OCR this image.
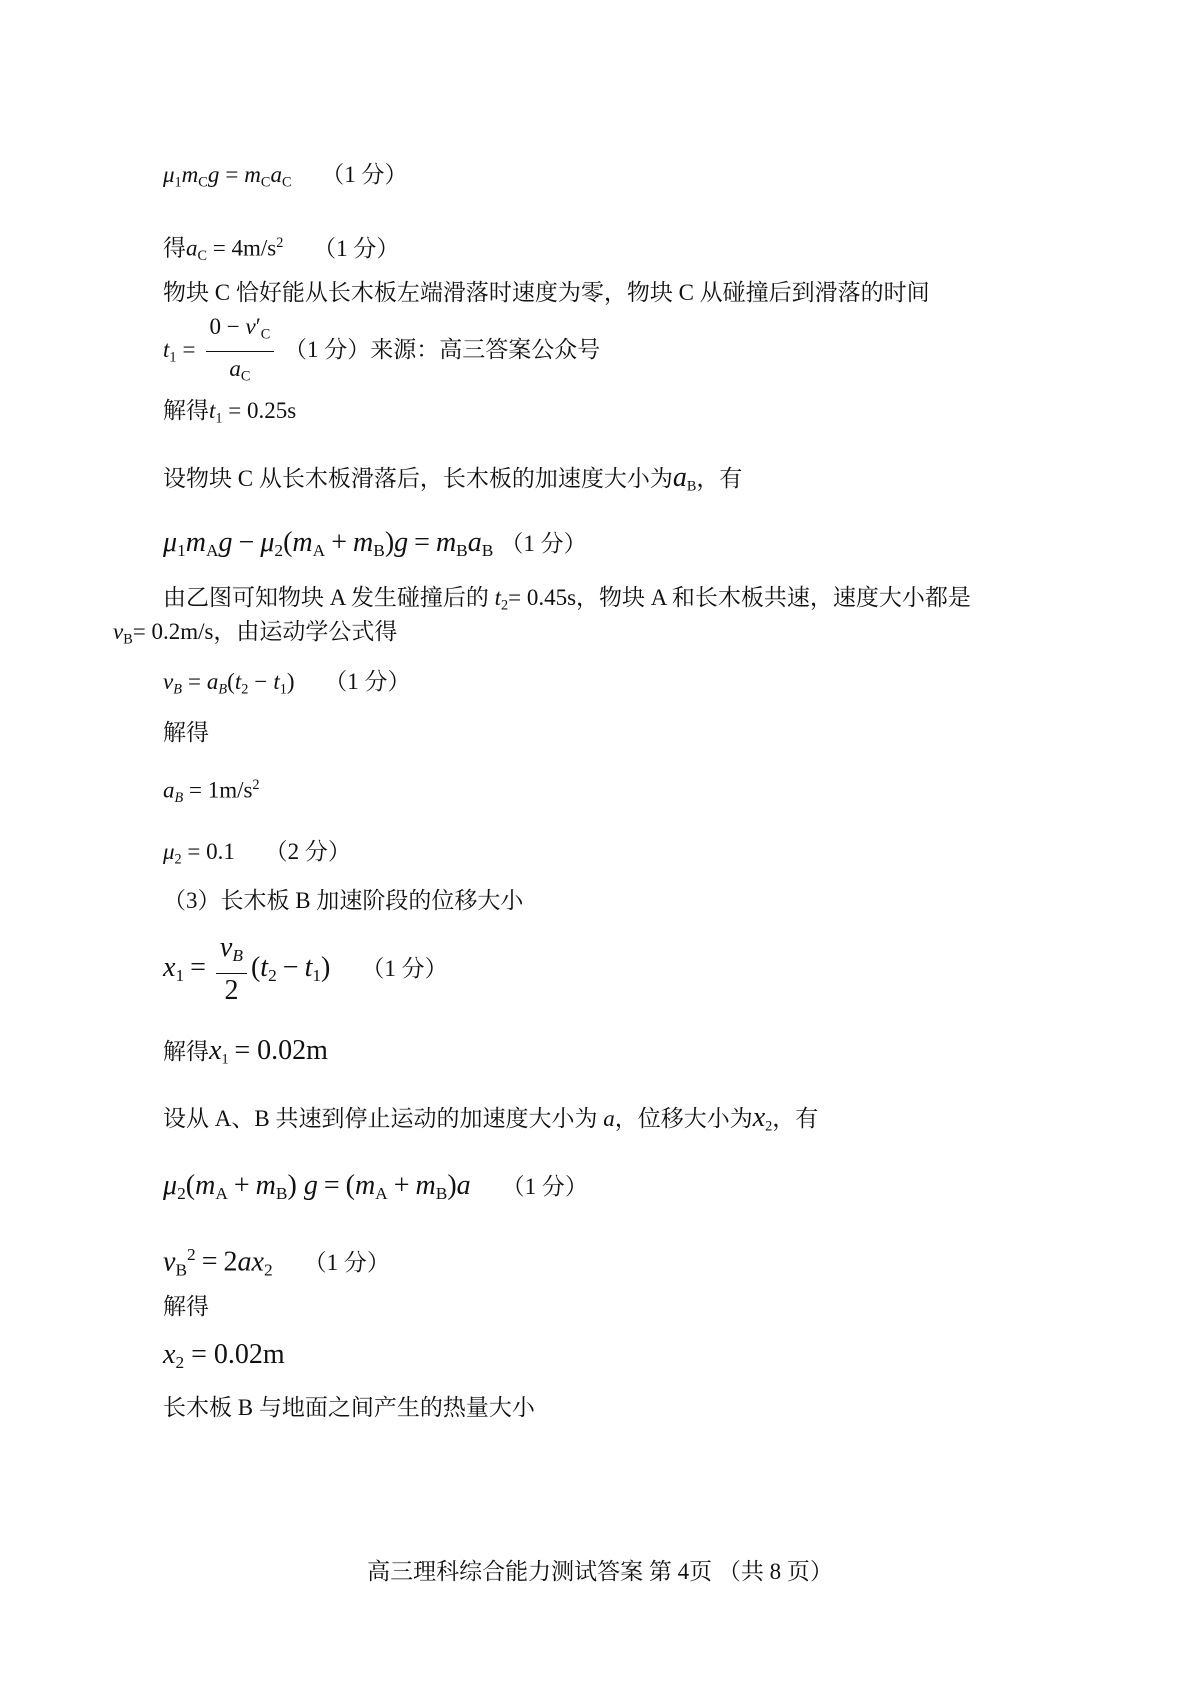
μ1mCg = mCaC （1 分）
得aC = $4m/s^2$ （1 分）
物块 C 恰好能从长木板左端滑落时速度为零，物块 C 从碰撞后到滑落的时间
$t1 = \frac{0 - v'C}{aC} (1$ 分）来源：高三答案公众号
解得t1 = 0.25s
设物块 C 从长木板滑落后，长木板的加速度大小为aB，有
μ1mAg − μ2(mA + mB)g = mBaB （1 分）
由乙图可知物块 A 发生碰撞后的 t2= 0.45s，物块 A 和长木板共速，速度大小都是
vB= 0.2m/s，由运动学公式得
vB = aB(t2 − t1) （1 分）
解得
aB = $1m/s^2$
μ2 = 0.1 （2 分）
（3）长木板 B 加速阶段的位移大小
$x1 = \frac{vB}{2} (t2 - t1)$ （1 分）
解得x1 = 0.02m
设从 A、B 共速到停止运动的加速度大小为 a，位移大小为x2，有
μ2(mA + mB) g = (mA + mB)a （1 分）
$vB^2 = 2ax2$ （1 分）
解得
x2 = 0.02m
长木板 B 与地面之间产生的热量大小
高三理科综合能力测试答案 第 4页 （共 8 页）
